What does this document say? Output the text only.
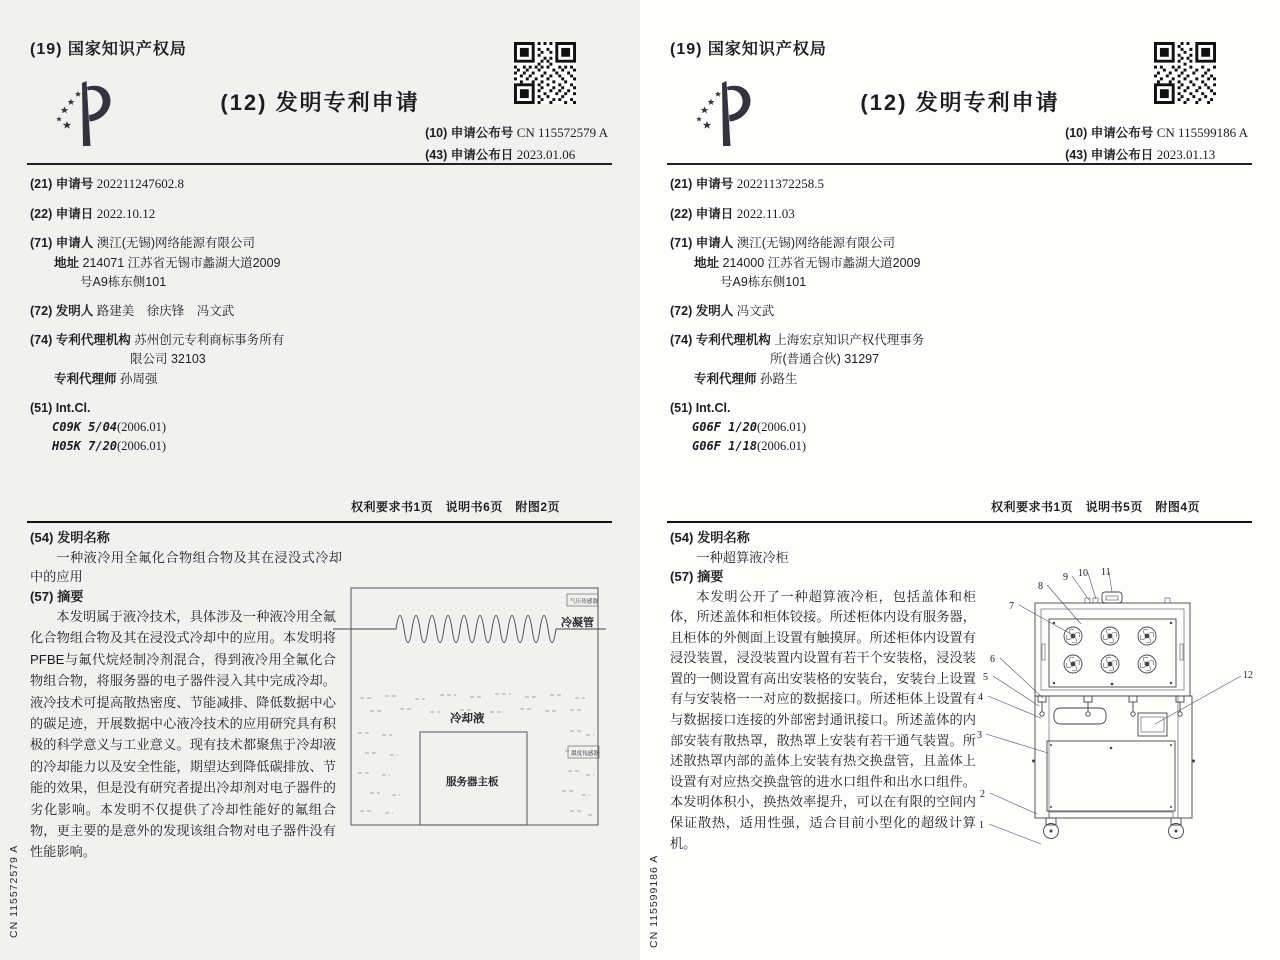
(19) 国家知识产权局
(12) 发明专利申请
(10) 申请公布号 CN 115572579 A
(43) 申请公布日 2023.01.06
(21) 申请号 202211247602.8
(22) 申请日 2022.10.12
(71) 申请人 澳江(无锡)网络能源有限公司
地址 214071 江苏省无锡市蠡湖大道2009
号A9栋东侧101
(72) 发明人 路建美　徐庆锋　冯文武
(74) 专利代理机构 苏州创元专利商标事务所有
限公司 32103
专利代理师 孙周强
(51) Int.Cl.
C09K 5/04(2006.01)
H05K 7/20(2006.01)
权利要求书1页　说明书6页　附图2页
(54) 发明名称

一种液冷用全氟化合物组合物及其在浸没式冷却中的应用

(57) 摘要

本发明属于液冷技术，具体涉及一种液冷用全氟化合物组合物及其在浸没式冷却中的应用。本发明将PFBE与氟代烷烃制冷剂混合，得到液冷用全氟化合物组合物，将服务器的电子器件浸入其中完成冷却。液冷技术可提高散热密度、节能减排、降低数据中心的碳足迹，开展数据中心液冷技术的应用研究具有积极的科学意义与工业意义。现有技术都聚焦于冷却液的冷却能力以及安全性能，期望达到降低碳排放、节能的效果，但是没有研究者提出冷却剂对电子器件的劣化影响。本发明不仅提供了冷却性能好的氟组合物，更主要的是意外的发现该组合物对电子器件没有性能影响。

冷凝管
气压传感器
冷却液
温度传感器
服务器主板
CN 115572579 A
(19) 国家知识产权局
(12) 发明专利申请
(10) 申请公布号 CN 115599186 A
(43) 申请公布日 2023.01.13
(21) 申请号 202211372258.5
(22) 申请日 2022.11.03
(71) 申请人 澳江(无锡)网络能源有限公司
地址 214000 江苏省无锡市蠡湖大道2009
号A9栋东侧101
(72) 发明人 冯文武
(74) 专利代理机构 上海宏京知识产权代理事务
所(普通合伙) 31297
专利代理师 孙路生
(51) Int.Cl.
G06F 1/20(2006.01)
G06F 1/18(2006.01)
权利要求书1页　说明书5页　附图4页
(54) 发明名称

一种超算液冷柜

(57) 摘要

本发明公开了一种超算液冷柜，包括盖体和柜体，所述盖体和柜体铰接。所述柜体内设有服务器，且柜体的外侧面上设置有触摸屏。所述柜体内设置有浸没装置，浸没装置内设置有若干个安装格，浸没装置的一侧设置有高出安装格的安装台，安装台上设置有与安装格一一对应的数据接口。所述柜体上设置有与数据接口连接的外部密封通讯接口。所述盖体的内部安装有散热罩，散热罩上安装有若干通气装置。所述散热罩内部的盖体上安装有热交换盘管，且盖体上设置有对应热交换盘管的进水口组件和出水口组件。本发明体积小，换热效率提升，可以在有限的空间内保证散热，适用性强，适合目前小型化的超级计算机。

1
2
3
4
5
6
7
8
9 10 11
12
CN 115599186 A
